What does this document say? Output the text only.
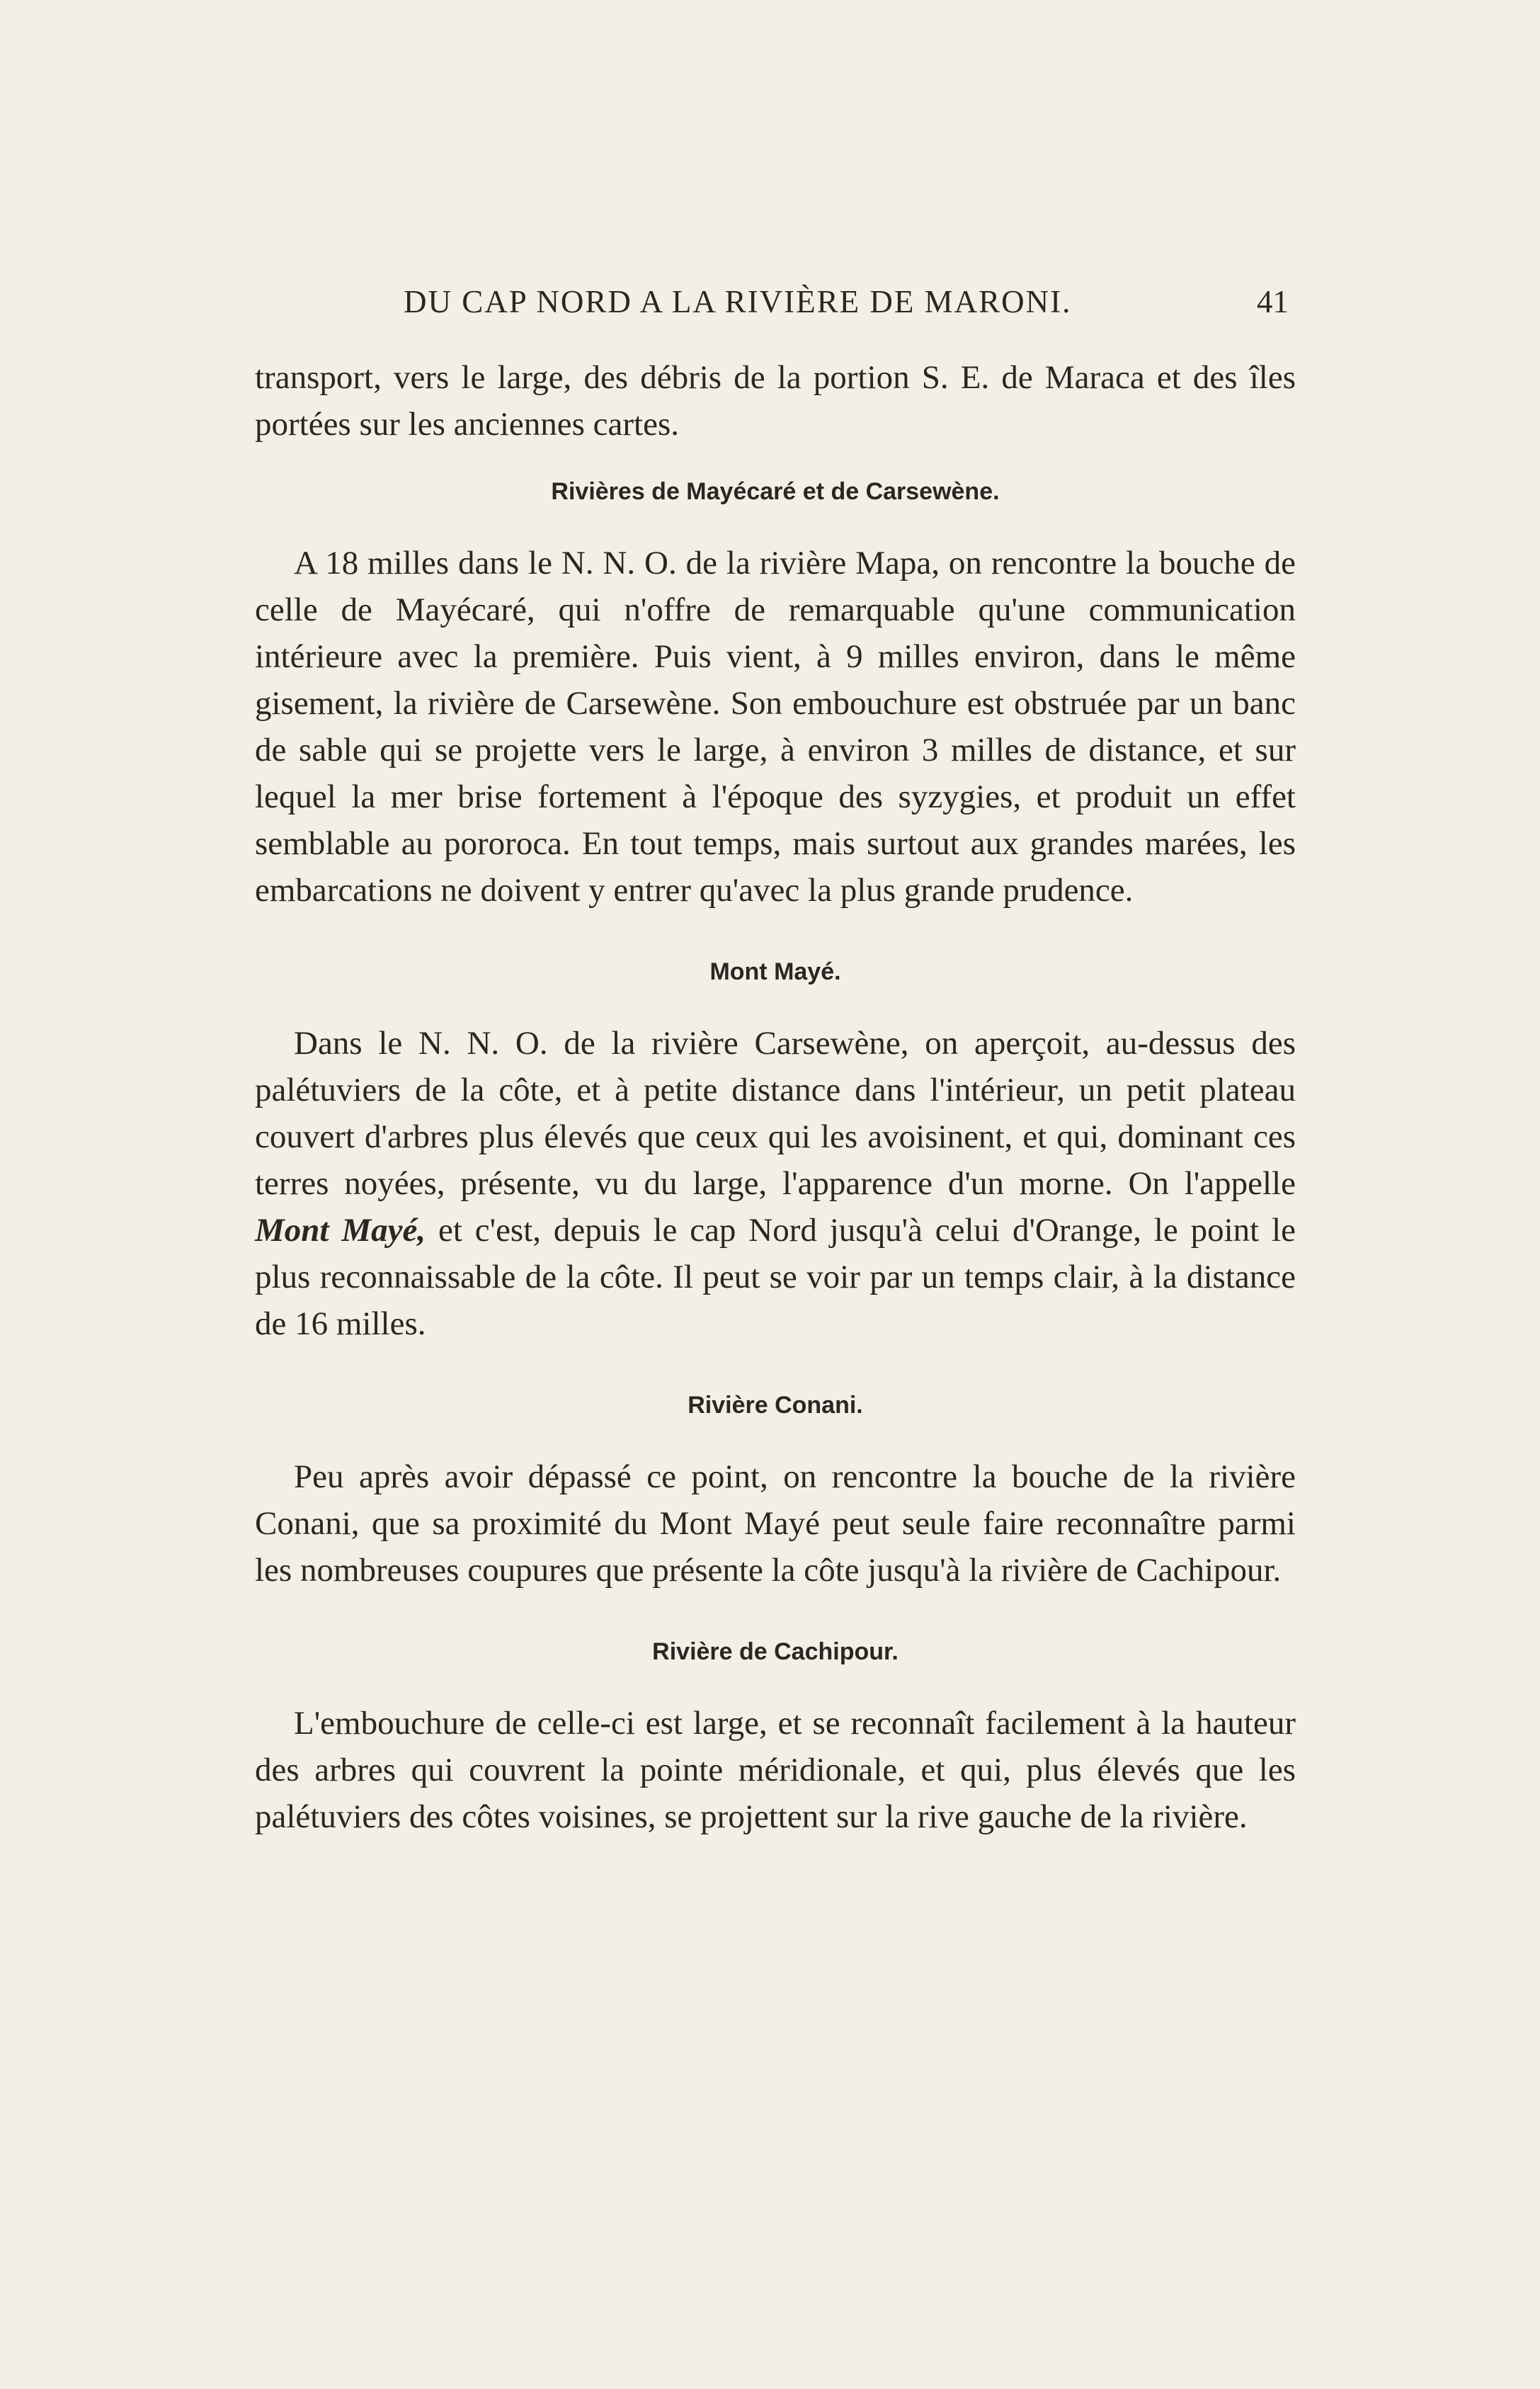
DU CAP NORD A LA RIVIÈRE DE MARONI.	41

transport, vers le large, des débris de la portion S. E. de Maraca et des îles portées sur les anciennes cartes.

Rivières de Mayécaré et de Carsewène.

A 18 milles dans le N. N. O. de la rivière Mapa, on rencontre la bouche de celle de Mayécaré, qui n'offre de remarquable qu'une communication intérieure avec la première. Puis vient, à 9 milles environ, dans le même gisement, la rivière de Carsewène. Son embouchure est obstruée par un banc de sable qui se projette vers le large, à environ 3 milles de distance, et sur lequel la mer brise fortement à l'époque des syzygies, et produit un effet semblable au pororoca. En tout temps, mais surtout aux grandes marées, les embarcations ne doivent y entrer qu'avec la plus grande prudence.

Mont Mayé.

Dans le N. N. O. de la rivière Carsewène, on aperçoit, au-dessus des palétuviers de la côte, et à petite distance dans l'intérieur, un petit plateau couvert d'arbres plus élevés que ceux qui les avoisinent, et qui, dominant ces terres noyées, présente, vu du large, l'apparence d'un morne. On l'appelle Mont Mayé, et c'est, depuis le cap Nord jusqu'à celui d'Orange, le point le plus reconnaissable de la côte. Il peut se voir par un temps clair, à la distance de 16 milles.

Rivière Conani.

Peu après avoir dépassé ce point, on rencontre la bouche de la rivière Conani, que sa proximité du Mont Mayé peut seule faire reconnaître parmi les nombreuses coupures que présente la côte jusqu'à la rivière de Cachipour.

Rivière de Cachipour.

L'embouchure de celle-ci est large, et se reconnaît facilement à la hauteur des arbres qui couvrent la pointe méridionale, et qui, plus élevés que les palétuviers des côtes voisines, se projettent sur la rive gauche de la rivière.
